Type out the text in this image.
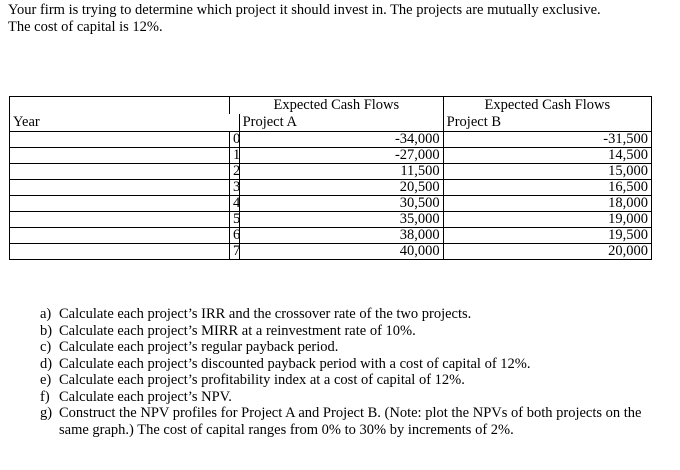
Your firm is trying to determine which project it should invest in. The projects are mutually exclusive.
The cost of capital is 12%.
	Expected Cash Flows		Expected Cash Flows
Year		Project A	Project B
	0	-34,000	-31,500
	1	-27,000	14,500
	2	11,500	15,000
	3	20,500	16,500
	4	30,500	18,000
	5	35,000	19,000
	6	38,000	19,500
	7	40,000	20,000
a) Calculate each project’s IRR and the crossover rate of the two projects.
b) Calculate each project’s MIRR at a reinvestment rate of 10%.
c) Calculate each project’s regular payback period.
d) Calculate each project’s discounted payback period with a cost of capital of 12%.
e) Calculate each project’s profitability index at a cost of capital of 12%.
f) Calculate each project’s NPV.
g) Construct the NPV profiles for Project A and Project B. (Note: plot the NPVs of both projects on the same graph.) The cost of capital ranges from 0% to 30% by increments of 2%.
